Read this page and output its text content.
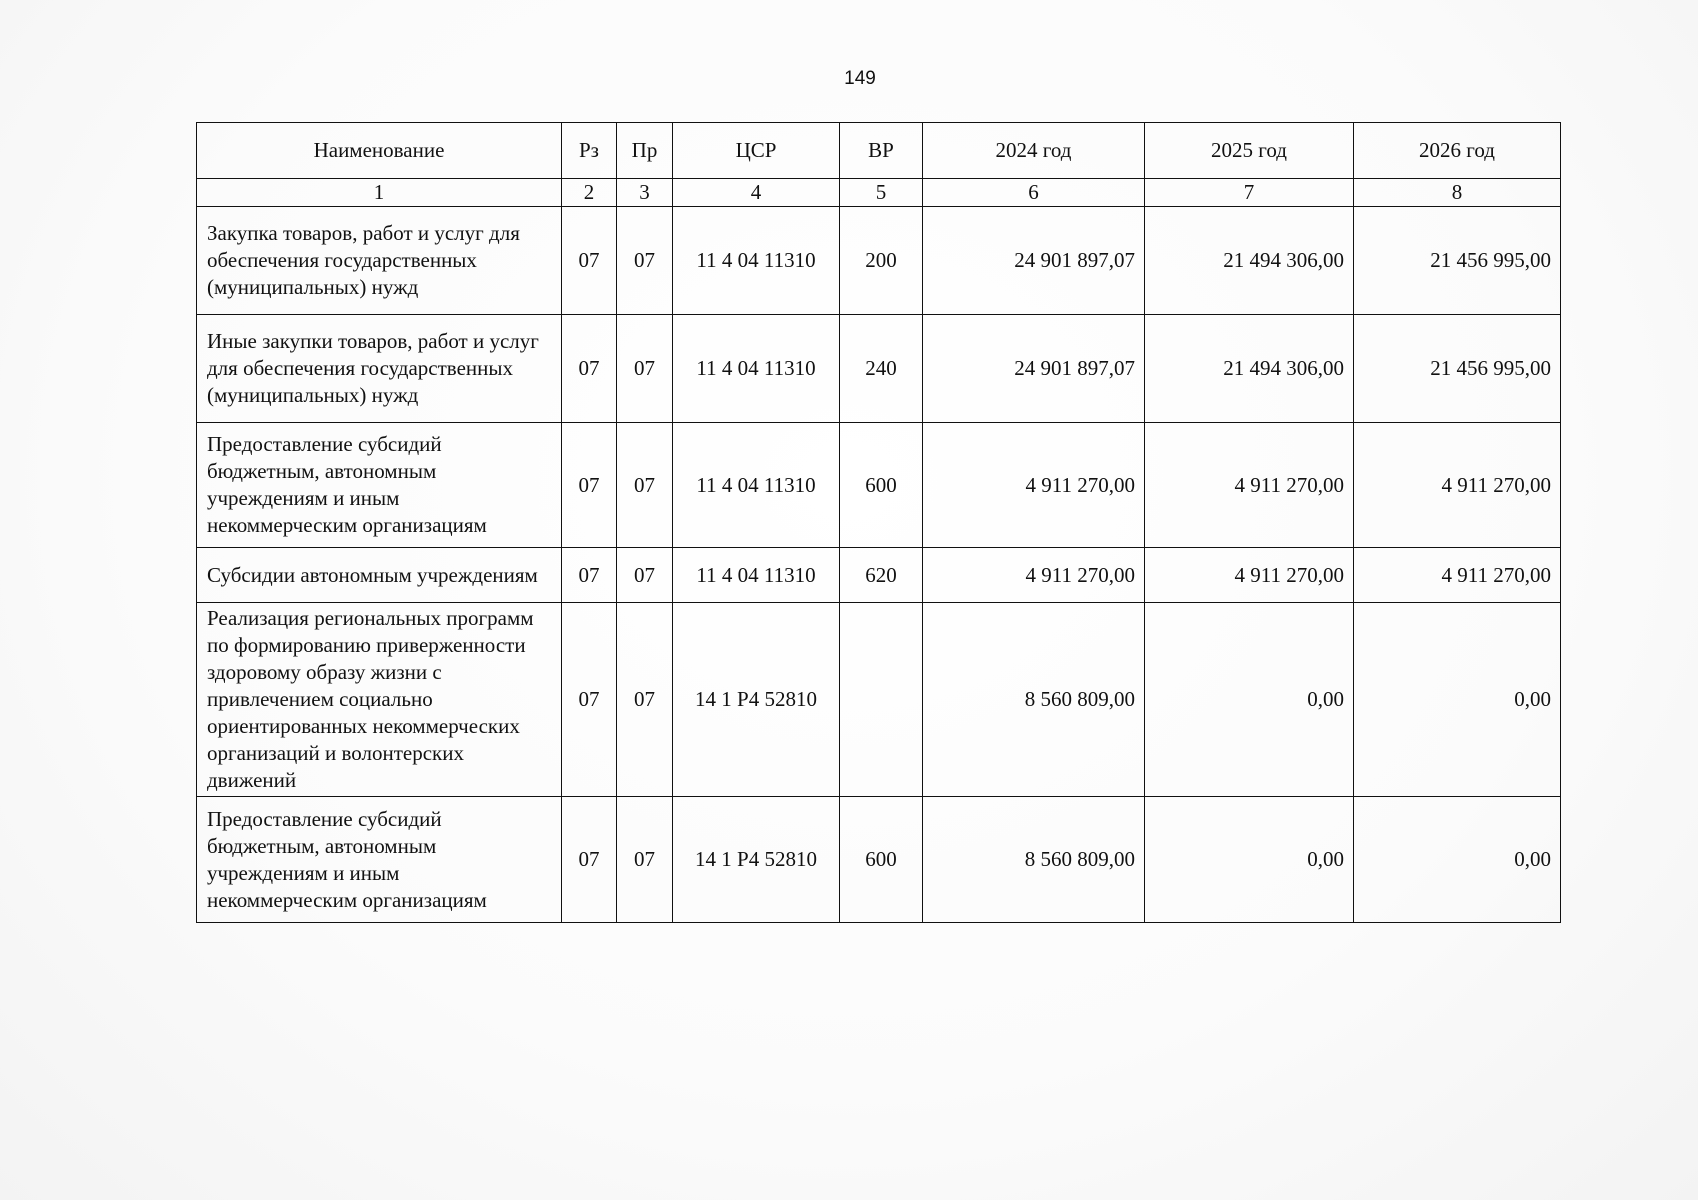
149
Наименование	Рз	Пр	ЦСР	ВР	2024 год	2025 год	2026 год
1	2	3	4	5	6	7	8
Закупка товаров, работ и услуг для обеспечения государственных (муниципальных) нужд	07	07	11 4 04 11310	200	24 901 897,07	21 494 306,00	21 456 995,00
Иные закупки товаров, работ и услуг для обеспечения государственных (муниципальных) нужд	07	07	11 4 04 11310	240	24 901 897,07	21 494 306,00	21 456 995,00
Предоставление субсидий бюджетным, автономным учреждениям и иным некоммерческим организациям	07	07	11 4 04 11310	600	4 911 270,00	4 911 270,00	4 911 270,00
Субсидии автономным учреждениям	07	07	11 4 04 11310	620	4 911 270,00	4 911 270,00	4 911 270,00
Реализация региональных программ по формированию приверженности здоровому образу жизни с привлечением социально ориентированных некоммерческих организаций и волонтерских движений	07	07	14 1 Р4 52810		8 560 809,00	0,00	0,00
Предоставление субсидий бюджетным, автономным учреждениям и иным некоммерческим организациям	07	07	14 1 Р4 52810	600	8 560 809,00	0,00	0,00
